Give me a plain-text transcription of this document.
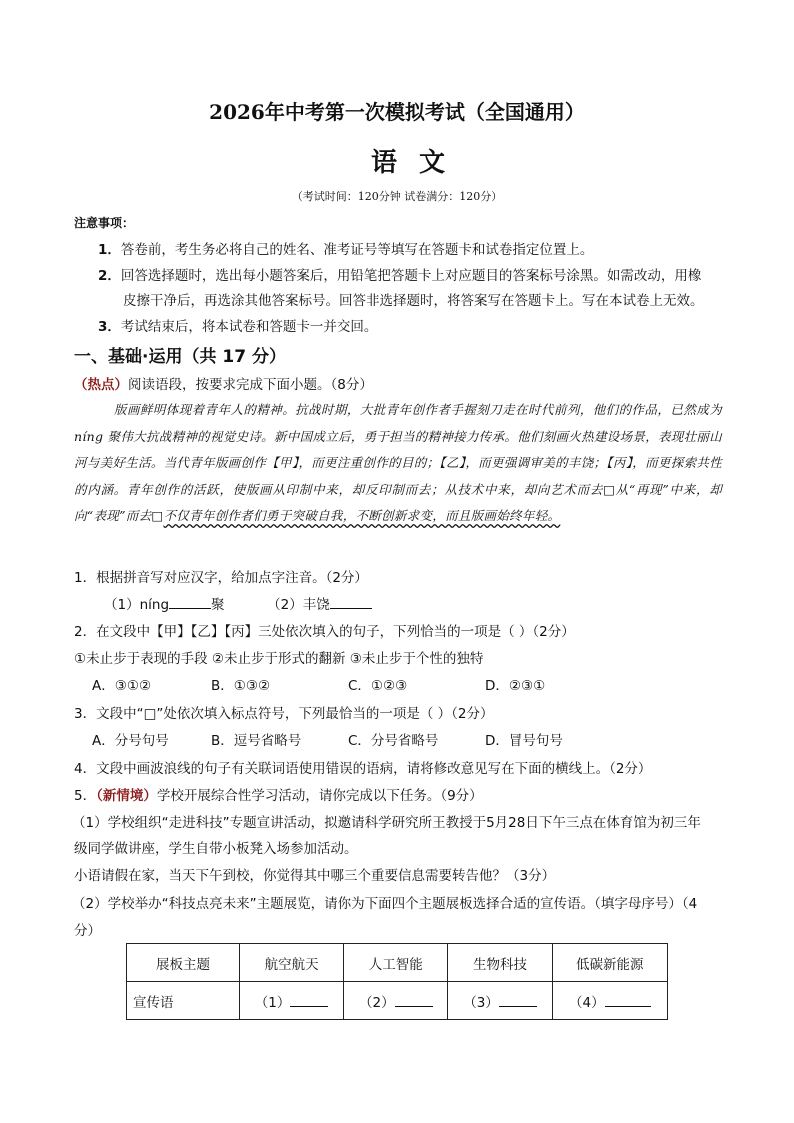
2026年中考第一次模拟考试（全国通用）
语文
（考试时间：120分钟 试卷满分：120分）
注意事项：
1．答卷前，考生务必将自己的姓名、准考证号等填写在答题卡和试卷指定位置上。
2．回答选择题时，选出每小题答案后，用铅笔把答题卡上对应题目的答案标号涂黑。如需改动，用橡
皮擦干净后，再选涂其他答案标号。回答非选择题时，将答案写在答题卡上。写在本试卷上无效。
3．考试结束后，将本试卷和答题卡一并交回。
一、基础·运用（共 17 分）
（热点）阅读语段，按要求完成下面小题。（8分）
版画鲜明体现着青年人的精神。抗战时期，大批青年创作者手握刻刀走在时代前列，他们的作品，已然成为 níng 聚伟大抗战精神的视觉史诗。新中国成立后，勇于担当的精神接力传承。他们刻画火热建设场景，表现壮丽山河与美好生活。当代青年版画创作【甲】，而更注重创作的目的；【乙】，而更强调审美的丰饶；【丙】，而更探索共性的内涵。青年创作的活跃，使版画从印制中来，却反印制而去；从技术中来，却向艺术而去□从“再现”中来，却向“表现”而去□不仅青年创作者们勇于突破自我，不断创新求变，而且版画始终年轻。
1．根据拼音写对应汉字，给加点字注音。（2分）
（1）níng	聚	（2）丰饶
2．在文段中【甲】【乙】【丙】三处依次填入的句子，下列恰当的一项是（ ）（2分）
①未止步于表现的手段 ②未止步于形式的翻新 ③未止步于个性的独特
A．③①②	B．①③②	C．①②③	D．②③①
3．文段中“□”处依次填入标点符号，下列最恰当的一项是（ ）（2分）
A．分号句号	B．逗号省略号	C．分号省略号	D．冒号句号
4．文段中画波浪线的句子有关联词语使用错误的语病，请将修改意见写在下面的横线上。（2分）
5．（新情境）学校开展综合性学习活动，请你完成以下任务。（9分）
（1）学校组织“走进科技”专题宣讲活动，拟邀请科学研究所王教授于5月28日下午三点在体育馆为初三年
级同学做讲座，学生自带小板凳入场参加活动。
小语请假在家，当天下午到校，你觉得其中哪三个重要信息需要转告他？（3分）
（2）学校举办“科技点亮未来”主题展览，请你为下面四个主题展板选择合适的宣传语。（填字母序号）（4
分）
展板主题	航空航天	人工智能	生物科技	低碳新能源
宣传语	（1）	（2）	（3）	（4）
